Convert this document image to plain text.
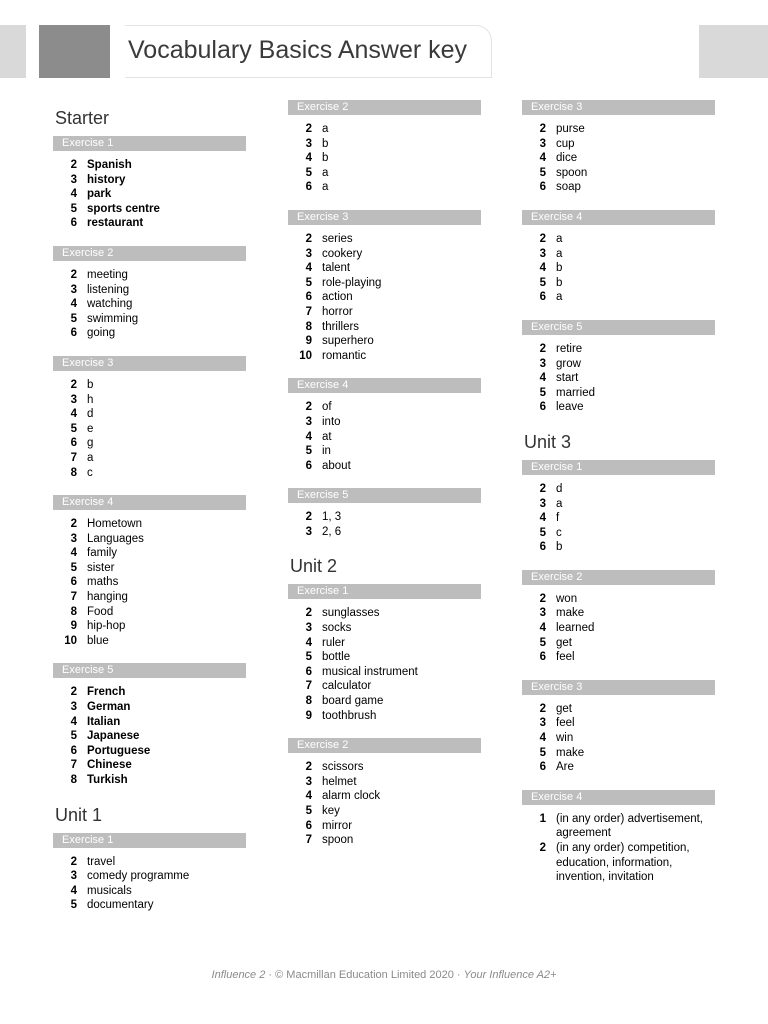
Vocabulary Basics Answer key
Starter
Exercise 1
2 Spanish
3 history
4 park
5 sports centre
6 restaurant
Exercise 2
2 meeting
3 listening
4 watching
5 swimming
6 going
Exercise 3
2 b
3 h
4 d
5 e
6 g
7 a
8 c
Exercise 4
2 Hometown
3 Languages
4 family
5 sister
6 maths
7 hanging
8 Food
9 hip-hop
10 blue
Exercise 5
2 French
3 German
4 Italian
5 Japanese
6 Portuguese
7 Chinese
8 Turkish
Unit 1
Exercise 1
2 travel
3 comedy programme
4 musicals
5 documentary
Exercise 2
2 a
3 b
4 b
5 a
6 a
Exercise 3
2 series
3 cookery
4 talent
5 role-playing
6 action
7 horror
8 thrillers
9 superhero
10 romantic
Exercise 4
2 of
3 into
4 at
5 in
6 about
Exercise 5
2 1, 3
3 2, 6
Unit 2
Exercise 1
2 sunglasses
3 socks
4 ruler
5 bottle
6 musical instrument
7 calculator
8 board game
9 toothbrush
Exercise 2
2 scissors
3 helmet
4 alarm clock
5 key
6 mirror
7 spoon
Exercise 3
2 purse
3 cup
4 dice
5 spoon
6 soap
Exercise 4
2 a
3 a
4 b
5 b
6 a
Exercise 5
2 retire
3 grow
4 start
5 married
6 leave
Unit 3
Exercise 1
2 d
3 a
4 f
5 c
6 b
Exercise 2
2 won
3 make
4 learned
5 get
6 feel
Exercise 3
2 get
3 feel
4 win
5 make
6 Are
Exercise 4
1 (in any order) advertisement, agreement
2 (in any order) competition, education, information, invention, invitation
Influence 2 · © Macmillan Education Limited 2020 · Your Influence A2+
